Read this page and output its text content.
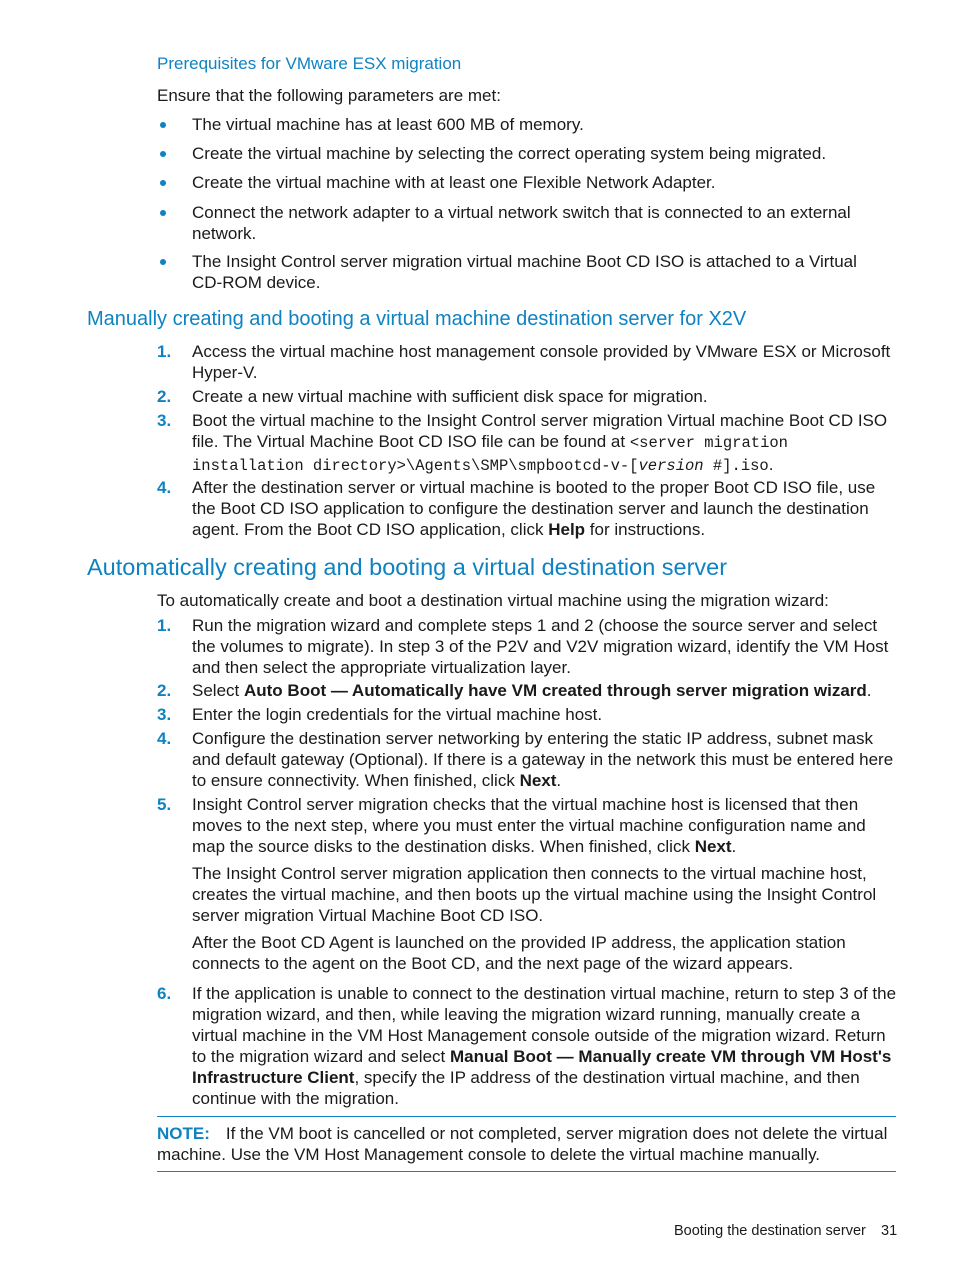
Prerequisites for VMware ESX migration
Ensure that the following parameters are met:
The virtual machine has at least 600 MB of memory.
Create the virtual machine by selecting the correct operating system being migrated.
Create the virtual machine with at least one Flexible Network Adapter.
Connect the network adapter to a virtual network switch that is connected to an external network.
The Insight Control server migration virtual machine Boot CD ISO is attached to a Virtual CD-ROM device.
Manually creating and booting a virtual machine destination server for X2V
1. Access the virtual machine host management console provided by VMware ESX or Microsoft Hyper-V.
2. Create a new virtual machine with sufficient disk space for migration.
3. Boot the virtual machine to the Insight Control server migration Virtual machine Boot CD ISO file. The Virtual Machine Boot CD ISO file can be found at <server migration installation directory>\Agents\SMP\smpbootcd-v-[version #].iso.
4. After the destination server or virtual machine is booted to the proper Boot CD ISO file, use the Boot CD ISO application to configure the destination server and launch the destination agent. From the Boot CD ISO application, click Help for instructions.
Automatically creating and booting a virtual destination server
To automatically create and boot a destination virtual machine using the migration wizard:
1. Run the migration wizard and complete steps 1 and 2 (choose the source server and select the volumes to migrate). In step 3 of the P2V and V2V migration wizard, identify the VM Host and then select the appropriate virtualization layer.
2. Select Auto Boot — Automatically have VM created through server migration wizard.
3. Enter the login credentials for the virtual machine host.
4. Configure the destination server networking by entering the static IP address, subnet mask and default gateway (Optional). If there is a gateway in the network this must be entered here to ensure connectivity. When finished, click Next.
5. Insight Control server migration checks that the virtual machine host is licensed that then moves to the next step, where you must enter the virtual machine configuration name and map the source disks to the destination disks. When finished, click Next.
The Insight Control server migration application then connects to the virtual machine host, creates the virtual machine, and then boots up the virtual machine using the Insight Control server migration Virtual Machine Boot CD ISO.
After the Boot CD Agent is launched on the provided IP address, the application station connects to the agent on the Boot CD, and the next page of the wizard appears.
6. If the application is unable to connect to the destination virtual machine, return to step 3 of the migration wizard, and then, while leaving the migration wizard running, manually create a virtual machine in the VM Host Management console outside of the migration wizard. Return to the migration wizard and select Manual Boot — Manually create VM through VM Host's Infrastructure Client, specify the IP address of the destination virtual machine, and then continue with the migration.
NOTE: If the VM boot is cancelled or not completed, server migration does not delete the virtual machine. Use the VM Host Management console to delete the virtual machine manually.
Booting the destination server 31
